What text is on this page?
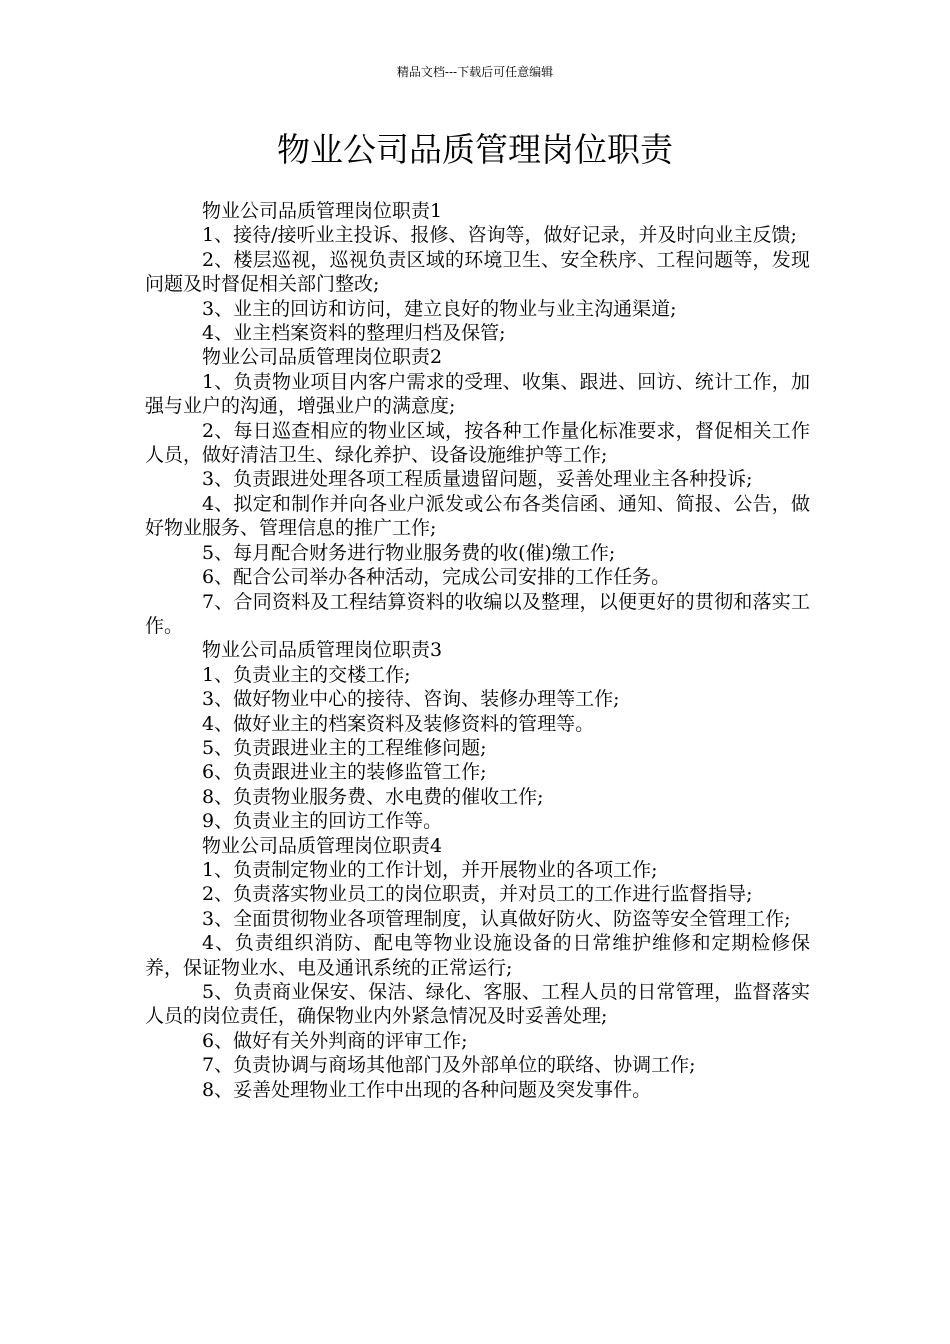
精品文档---下载后可任意编辑
物业公司品质管理岗位职责

物业公司品质管理岗位职责1

1、接待/接听业主投诉、报修、咨询等，做好记录，并及时向业主反馈;

2、楼层巡视，巡视负责区域的环境卫生、安全秩序、工程问题等，发现问题及时督促相关部门整改;

3、业主的回访和访问，建立良好的物业与业主沟通渠道;

4、业主档案资料的整理归档及保管;

物业公司品质管理岗位职责2

1、负责物业项目内客户需求的受理、收集、跟进、回访、统计工作，加强与业户的沟通，增强业户的满意度;

2、每日巡查相应的物业区域，按各种工作量化标准要求，督促相关工作人员，做好清洁卫生、绿化养护、设备设施维护等工作;

3、负责跟进处理各项工程质量遗留问题，妥善处理业主各种投诉;

4、拟定和制作并向各业户派发或公布各类信函、通知、简报、公告，做好物业服务、管理信息的推广工作;

5、每月配合财务进行物业服务费的收(催)缴工作;

6、配合公司举办各种活动，完成公司安排的工作任务。

7、合同资料及工程结算资料的收编以及整理，以便更好的贯彻和落实工作。

物业公司品质管理岗位职责3

1、负责业主的交楼工作;

3、做好物业中心的接待、咨询、装修办理等工作;

4、做好业主的档案资料及装修资料的管理等。

5、负责跟进业主的工程维修问题;

6、负责跟进业主的装修监管工作;

8、负责物业服务费、水电费的催收工作;

9、负责业主的回访工作等。

物业公司品质管理岗位职责4

1、负责制定物业的工作计划，并开展物业的各项工作;

2、负责落实物业员工的岗位职责，并对员工的工作进行监督指导;

3、全面贯彻物业各项管理制度，认真做好防火、防盗等安全管理工作;

4、负责组织消防、配电等物业设施设备的日常维护维修和定期检修保养，保证物业水、电及通讯系统的正常运行;

5、负责商业保安、保洁、绿化、客服、工程人员的日常管理，监督落实人员的岗位责任，确保物业内外紧急情况及时妥善处理;

6、做好有关外判商的评审工作;

7、负责协调与商场其他部门及外部单位的联络、协调工作;

8、妥善处理物业工作中出现的各种问题及突发事件。
